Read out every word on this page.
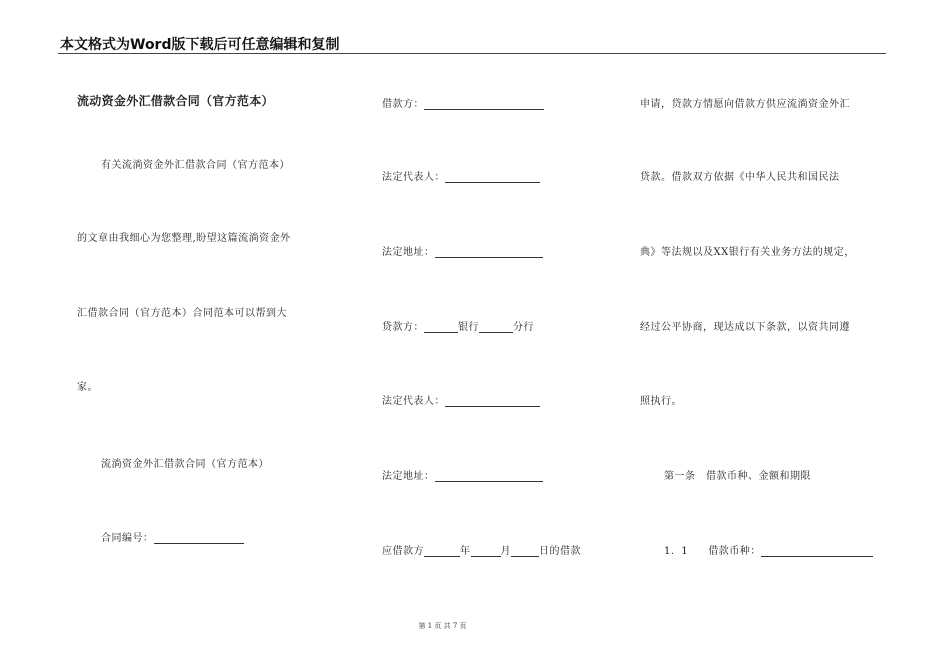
本文格式为Word版下载后可任意编辑和复制
流动资金外汇借款合同（官方范本）
有关流淌资金外汇借款合同（官方范本）
的文章由我细心为您整理,盼望这篇流淌资金外
汇借款合同（官方范本）合同范本可以帮到大
家。
流淌资金外汇借款合同（官方范本）
合同编号：
借款方：
法定代表人：
法定地址：
贷款方：	银行	分行
法定代表人：
法定地址：
应借款方	年	月	日的借款
申请，贷款方情愿向借款方供应流淌资金外汇
贷款。借款双方依据《中华人民共和国民法
典》等法规以及XX银行有关业务方法的规定，
经过公平协商，现达成以下条款，以资共同遵
照执行。
第一条　借款币种、金额和期限
1．1 借款币种：
第 1 页 共 7 页
